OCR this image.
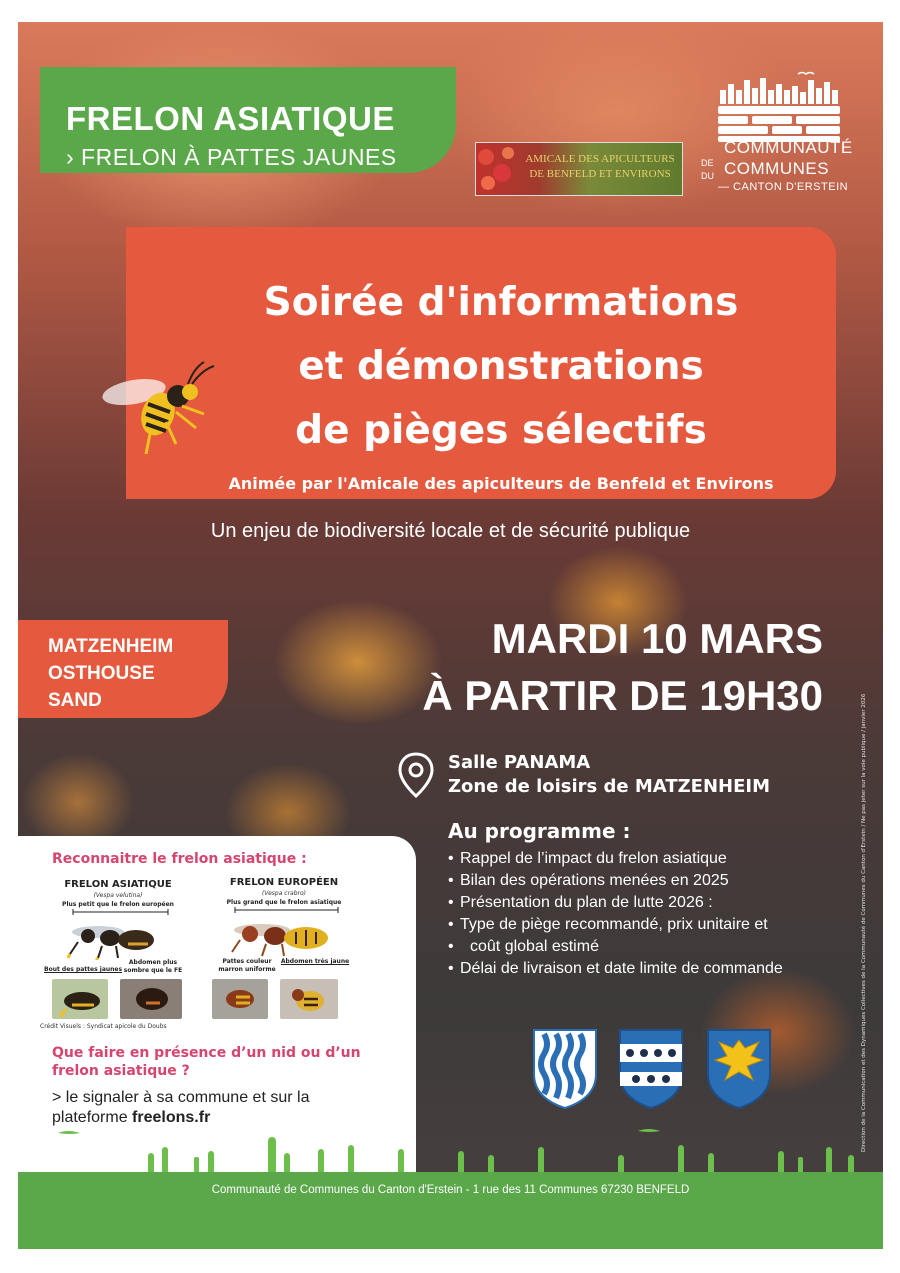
FRELON ASIATIQUE
› FRELON À PATTES JAUNES	AMICALE DES APICULTEURS
DE BENFELD ET ENVIRONS
COMMUNAUTÉ
DE
DU COMMUNES
— CANTON D'ERSTEIN
Soirée d'informations
et démonstrations
de pièges sélectifs
Animée par l'Amicale des apiculteurs de Benfeld et Environs
Un enjeu de biodiversité locale et de sécurité publique
MATZENHEIM
OSTHOUSE
SAND
MARDI 10 MARS
À PARTIR DE 19H30
Salle PANAMA
Zone de loisirs de MATZENHEIM
Au programme :
• Rappel de l’impact du frelon asiatique
• Bilan des opérations menées en 2025
• Présentation du plan de lutte 2026 :
• Type de piège recommandé, prix unitaire et
• coût global estimé
• Délai de livraison et date limite de commande
Reconnaitre le frelon asiatique :
FRELON ASIATIQUE
(Vespa velutina)
Plus petit que le frelon européen
Bout des pattes jaunes
Abdomen plus sombre que le FE
FRELON EUROPÉEN
(Vespa crabro)
Plus grand que le frelon asiatique
Pattes couleur marron uniforme
Abdomen très jaune
Crédit Visuels : Syndicat apicole du Doubs
Que faire en présence d’un nid ou d’un frelon asiatique ?
> le signaler à sa commune et sur la
plateforme freelons.fr
Communauté de Communes du Canton d'Erstein - 1 rue des 11 Communes 67230 BENFELD
Direction de la Communication et des Dynamiques Collectives de la Communauté de Communes du Canton d'Erstein / Ne pas jeter sur la voie publique / janvier 2026
